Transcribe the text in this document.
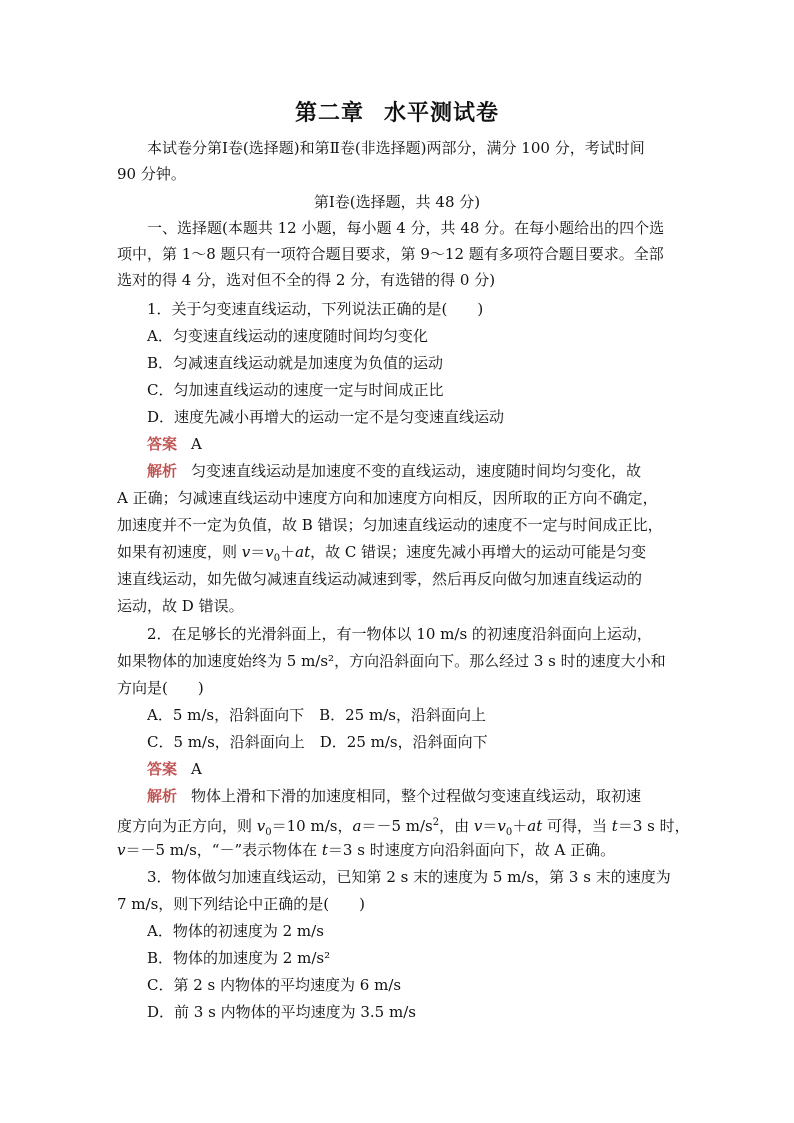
第二章 水平测试卷
本试卷分第Ⅰ卷(选择题)和第Ⅱ卷(非选择题)两部分，满分 100 分，考试时间
90 分钟。
第Ⅰ卷(选择题，共 48 分)
一、选择题(本题共 12 小题，每小题 4 分，共 48 分。在每小题给出的四个选
项中，第 1～8 题只有一项符合题目要求，第 9～12 题有多项符合题目要求。全部
选对的得 4 分，选对但不全的得 2 分，有选错的得 0 分)
1．关于匀变速直线运动，下列说法正确的是(　　)
A．匀变速直线运动的速度随时间均匀变化
B．匀减速直线运动就是加速度为负值的运动
C．匀加速直线运动的速度一定与时间成正比
D．速度先减小再增大的运动一定不是匀变速直线运动
答案 A
解析 匀变速直线运动是加速度不变的直线运动，速度随时间均匀变化，故
A 正确；匀减速直线运动中速度方向和加速度方向相反，因所取的正方向不确定，
加速度并不一定为负值，故 B 错误；匀加速直线运动的速度不一定与时间成正比，
如果有初速度，则 $v=v_0+at$，故 C 错误；速度先减小再增大的运动可能是匀变
速直线运动，如先做匀减速直线运动减速到零，然后再反向做匀加速直线运动的
运动，故 D 错误。
2．在足够长的光滑斜面上，有一物体以 10 m/s 的初速度沿斜面向上运动，
如果物体的加速度始终为 5 m/s²，方向沿斜面向下。那么经过 3 s 时的速度大小和
方向是(　　)
A．5 m/s，沿斜面向下　B．25 m/s，沿斜面向上
C．5 m/s，沿斜面向上　D．25 m/s，沿斜面向下
答案 A
解析 物体上滑和下滑的加速度相同，整个过程做匀变速直线运动，取初速
度方向为正方向，则 $v_0=10$ m/s，a＝－5 $m/s^2$，由 $v=v_0+at$ 可得，当 t＝3 s 时，
v＝－5 m/s，“－”表示物体在 t＝3 s 时速度方向沿斜面向下，故 A 正确。
3．物体做匀加速直线运动，已知第 2 s 末的速度为 5 m/s，第 3 s 末的速度为
7 m/s，则下列结论中正确的是(　　)
A．物体的初速度为 2 m/s
B．物体的加速度为 2 m/s²
C．第 2 s 内物体的平均速度为 6 m/s
D．前 3 s 内物体的平均速度为 3.5 m/s
